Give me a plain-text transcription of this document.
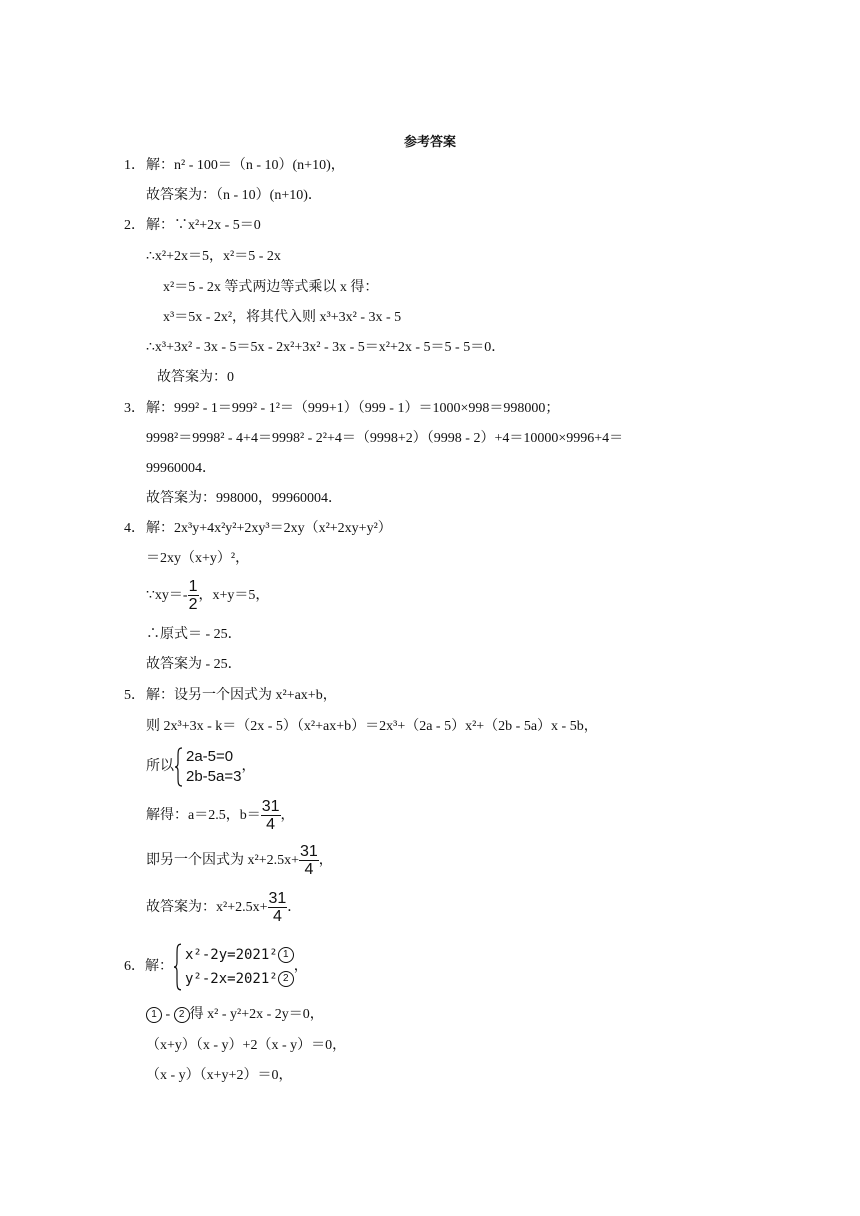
参考答案
1． 解：n² - 100＝（n - 10）(n+10)，
故答案为：（n - 10）(n+10)．
2． 解：∵x²+2x - 5＝0
∴x²+2x＝5，x²＝5 - 2x
x²＝5 - 2x 等式两边等式乘以 x 得：
x³＝5x - 2x²，将其代入则 x³+3x² - 3x - 5
∴x³+3x² - 3x - 5＝5x - 2x²+3x² - 3x - 5＝x²+2x - 5＝5 - 5＝0．
故答案为：0
3． 解：999² - 1＝999² - 1²＝（999+1）（999 - 1）＝1000×998＝998000；
9998²＝9998² - 4+4＝9998² - 2²+4＝（9998+2）（9998 - 2）+4＝10000×9996+4＝
99960004．
故答案为：998000，99960004．
4． 解：2x³y+4x²y²+2xy³＝2xy（x²+2xy+y²）
＝2xy（x+y）²，
∵xy＝- $\frac{1}{2}$ ，x+y＝5，
∴原式＝ - 25．
故答案为 - 25．
5． 解：设另一个因式为 x²+ax+b，
则 2x³+3x - k＝（2x - 5）（x²+ax+b）＝2x³+（2a - 5）x²+（2b - 5a）x - 5b，
所以
2a-5=0
2b-5a=3
，
解得：a＝2.5，$b= \frac{31}{4}$ ，
即另一个因式为 $x^2+2.5x+ \frac{31}{4}$ ，
故答案为：$x^2+2.5x+ \frac{31}{4}$ ．
6．解：
x²-2y=2021² 1
y²-2x=2021² 2
，
1 - 2 得 x² - y²+2x - 2y＝0，
（x+y）（x - y）+2（x - y）＝0，
（x - y）（x+y+2）＝0，
